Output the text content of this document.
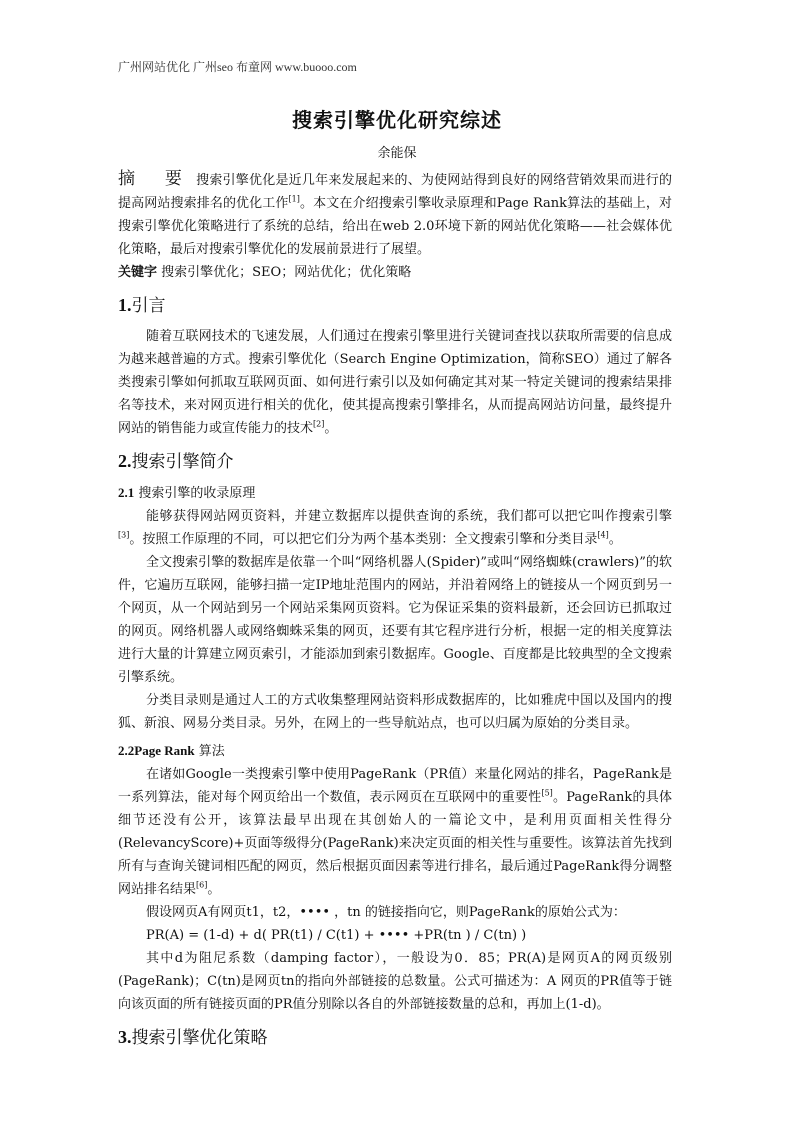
广州网站优化 广州seo 布童网 www.buooo.com
搜索引擎优化研究综述
余能保

摘 要 搜索引擎优化是近几年来发展起来的、为使网站得到良好的网络营销效果而进行的提高网站搜索排名的优化工作[1]。本文在介绍搜索引擎收录原理和Page Rank算法的基础上，对搜索引擎优化策略进行了系统的总结，给出在web 2.0环境下新的网站优化策略——社会媒体优化策略，最后对搜索引擎优化的发展前景进行了展望。

关键字 搜索引擎优化；SEO；网站优化；优化策略

1.引言

随着互联网技术的飞速发展，人们通过在搜索引擎里进行关键词查找以获取所需要的信息成为越来越普遍的方式。搜索引擎优化（Search Engine Optimization，简称SEO）通过了解各类搜索引擎如何抓取互联网页面、如何进行索引以及如何确定其对某一特定关键词的搜索结果排名等技术，来对网页进行相关的优化，使其提高搜索引擎排名，从而提高网站访问量，最终提升网站的销售能力或宣传能力的技术[2]。

2.搜索引擎简介
2.1 搜索引擎的收录原理

能够获得网站网页资料，并建立数据库以提供查询的系统，我们都可以把它叫作搜索引擎[3]。按照工作原理的不同，可以把它们分为两个基本类别：全文搜索引擎和分类目录[4]。

全文搜索引擎的数据库是依靠一个叫“网络机器人(Spider)”或叫“网络蜘蛛(crawlers)”的软件，它遍历互联网，能够扫描一定IP地址范围内的网站，并沿着网络上的链接从一个网页到另一个网页，从一个网站到另一个网站采集网页资料。它为保证采集的资料最新，还会回访已抓取过的网页。网络机器人或网络蜘蛛采集的网页，还要有其它程序进行分析，根据一定的相关度算法进行大量的计算建立网页索引，才能添加到索引数据库。Google、百度都是比较典型的全文搜索引擎系统。

分类目录则是通过人工的方式收集整理网站资料形成数据库的，比如雅虎中国以及国内的搜狐、新浪、网易分类目录。另外，在网上的一些导航站点，也可以归属为原始的分类目录。

2.2Page Rank 算法

在诸如Google一类搜索引擎中使用PageRank（PR值）来量化网站的排名，PageRank是一系列算法，能对每个网页给出一个数值，表示网页在互联网中的重要性[5]。PageRank的具体细节还没有公开，该算法最早出现在其创始人的一篇论文中，是利用页面相关性得分(RelevancyScore)+页面等级得分(PageRank)来决定页面的相关性与重要性。该算法首先找到所有与查询关键词相匹配的网页，然后根据页面因素等进行排名，最后通过PageRank得分调整网站排名结果[6]。

假设网页A有网页t1，t2，•••• ，tn 的链接指向它，则PageRank的原始公式为：

PR(A) = (1-d) + d( PR(t1) / C(t1) + •••• +PR(tn ) / C(tn) )

其中d为阻尼系数（damping factor），一般设为0．85；PR(A)是网页A的网页级别(PageRank)；C(tn)是网页tn的指向外部链接的总数量。公式可描述为：A 网页的PR值等于链向该页面的所有链接页面的PR值分别除以各自的外部链接数量的总和，再加上(1-d)。

3.搜索引擎优化策略
